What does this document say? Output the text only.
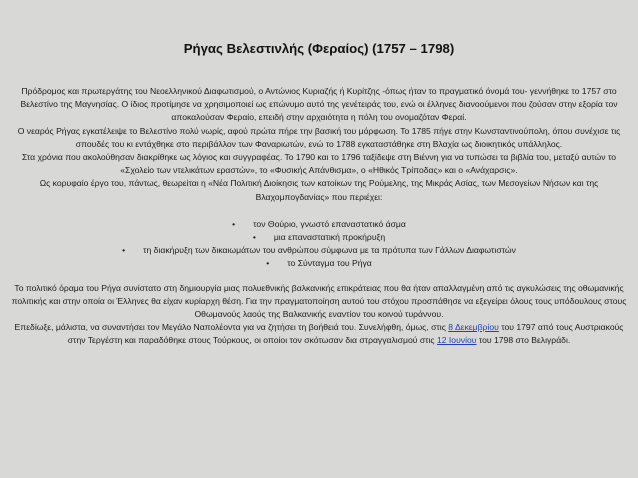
Ρήγας Βελεστινλής (Φεραίος) (1757 – 1798)

Πρόδρομος και πρωτεργάτης του Νεοελληνικού Διαφωτισμού, ο Αντώνιος Κυριαζής ή Κυρίτζης -όπως ήταν το πραγματικό όνομά του- γεννήθηκε το 1757 στο Βελεστίνο της Μαγνησίας. Ο ίδιος προτίμησε να χρησιμοποιεί ως επώνυμο αυτό της γενέτειράς του, ενώ οι έλληνες διανοούμενοι που ζούσαν στην εξορία τον αποκαλούσαν Φεραίο, επειδή στην αρχαιότητα η πόλη του ονομαζόταν Φεραί.

Ο νεαρός Ρήγας εγκατέλειψε το Βελεστίνο πολύ νωρίς, αφού πρώτα πήρε την βασική του μόρφωση. Το 1785 πήγε στην Κωνσταντινούπολη, όπου συνέχισε τις σπουδές του κι εντάχθηκε στο περιβάλλον των Φαναριωτών, ενώ το 1788 εγκαταστάθηκε στη Βλαχία ως διοικητικός υπάλληλος.

Στα χρόνια που ακολούθησαν διακρίθηκε ως λόγιος και συγγραφέας. Το 1790 και το 1796 ταξίδεψε στη Βιέννη για να τυπώσει τα βιβλία του, μεταξύ αυτών το «Σχολείο των ντελικάτων εραστών», το «Φυσικής Απάνθισμα», ο «Ηθικός Τρίποδας» και ο «Ανάχαρσις».

Ως κορυφαίο έργο του, πάντως, θεωρείται η «Νέα Πολιτική Διοίκησις των κατοίκων της Ρούμελης, της Μικράς Ασίας, των Μεσογείων Νήσων και της Βλαχομπογδανίας» που περιέχει:

• τον Θούριο, γνωστό επαναστατικό άσμα

• μια επαναστατική προκήρυξη

• τη διακήρυξη των δικαιωμάτων του ανθρώπου σύμφωνα με τα πρότυπα των Γάλλων Διαφωτιστών

• το Σύνταγμα του Ρήγα

Το πολιτικό όραμα του Ρήγα συνίστατο στη δημιουργία μιας πολυεθνικής βαλκανικής επικράτειας που θα ήταν απαλλαγμένη από τις αγκυλώσεις της οθωμανικής πολιτικής και στην οποία οι Έλληνες θα είχαν κυρίαρχη θέση. Για την πραγματοποίηση αυτού του στόχου προσπάθησε να εξεγείρει όλους τους υπόδουλους στους Οθωμανούς λαούς της Βαλκανικής εναντίον του κοινού τυράννου.

Επεδίωξε, μάλιστα, να συναντήσει τον Μεγάλο Ναπολέοντα για να ζητήσει τη βοήθειά του. Συνελήφθη, όμως, στις 8 Δεκεμβρίου του 1797 από τους Αυστριακούς στην Τεργέστη και παραδόθηκε στους Τούρκους, οι οποίοι τον σκότωσαν δια στραγγαλισμού στις 12 Ιουνίου του 1798 στο Βελιγράδι.
